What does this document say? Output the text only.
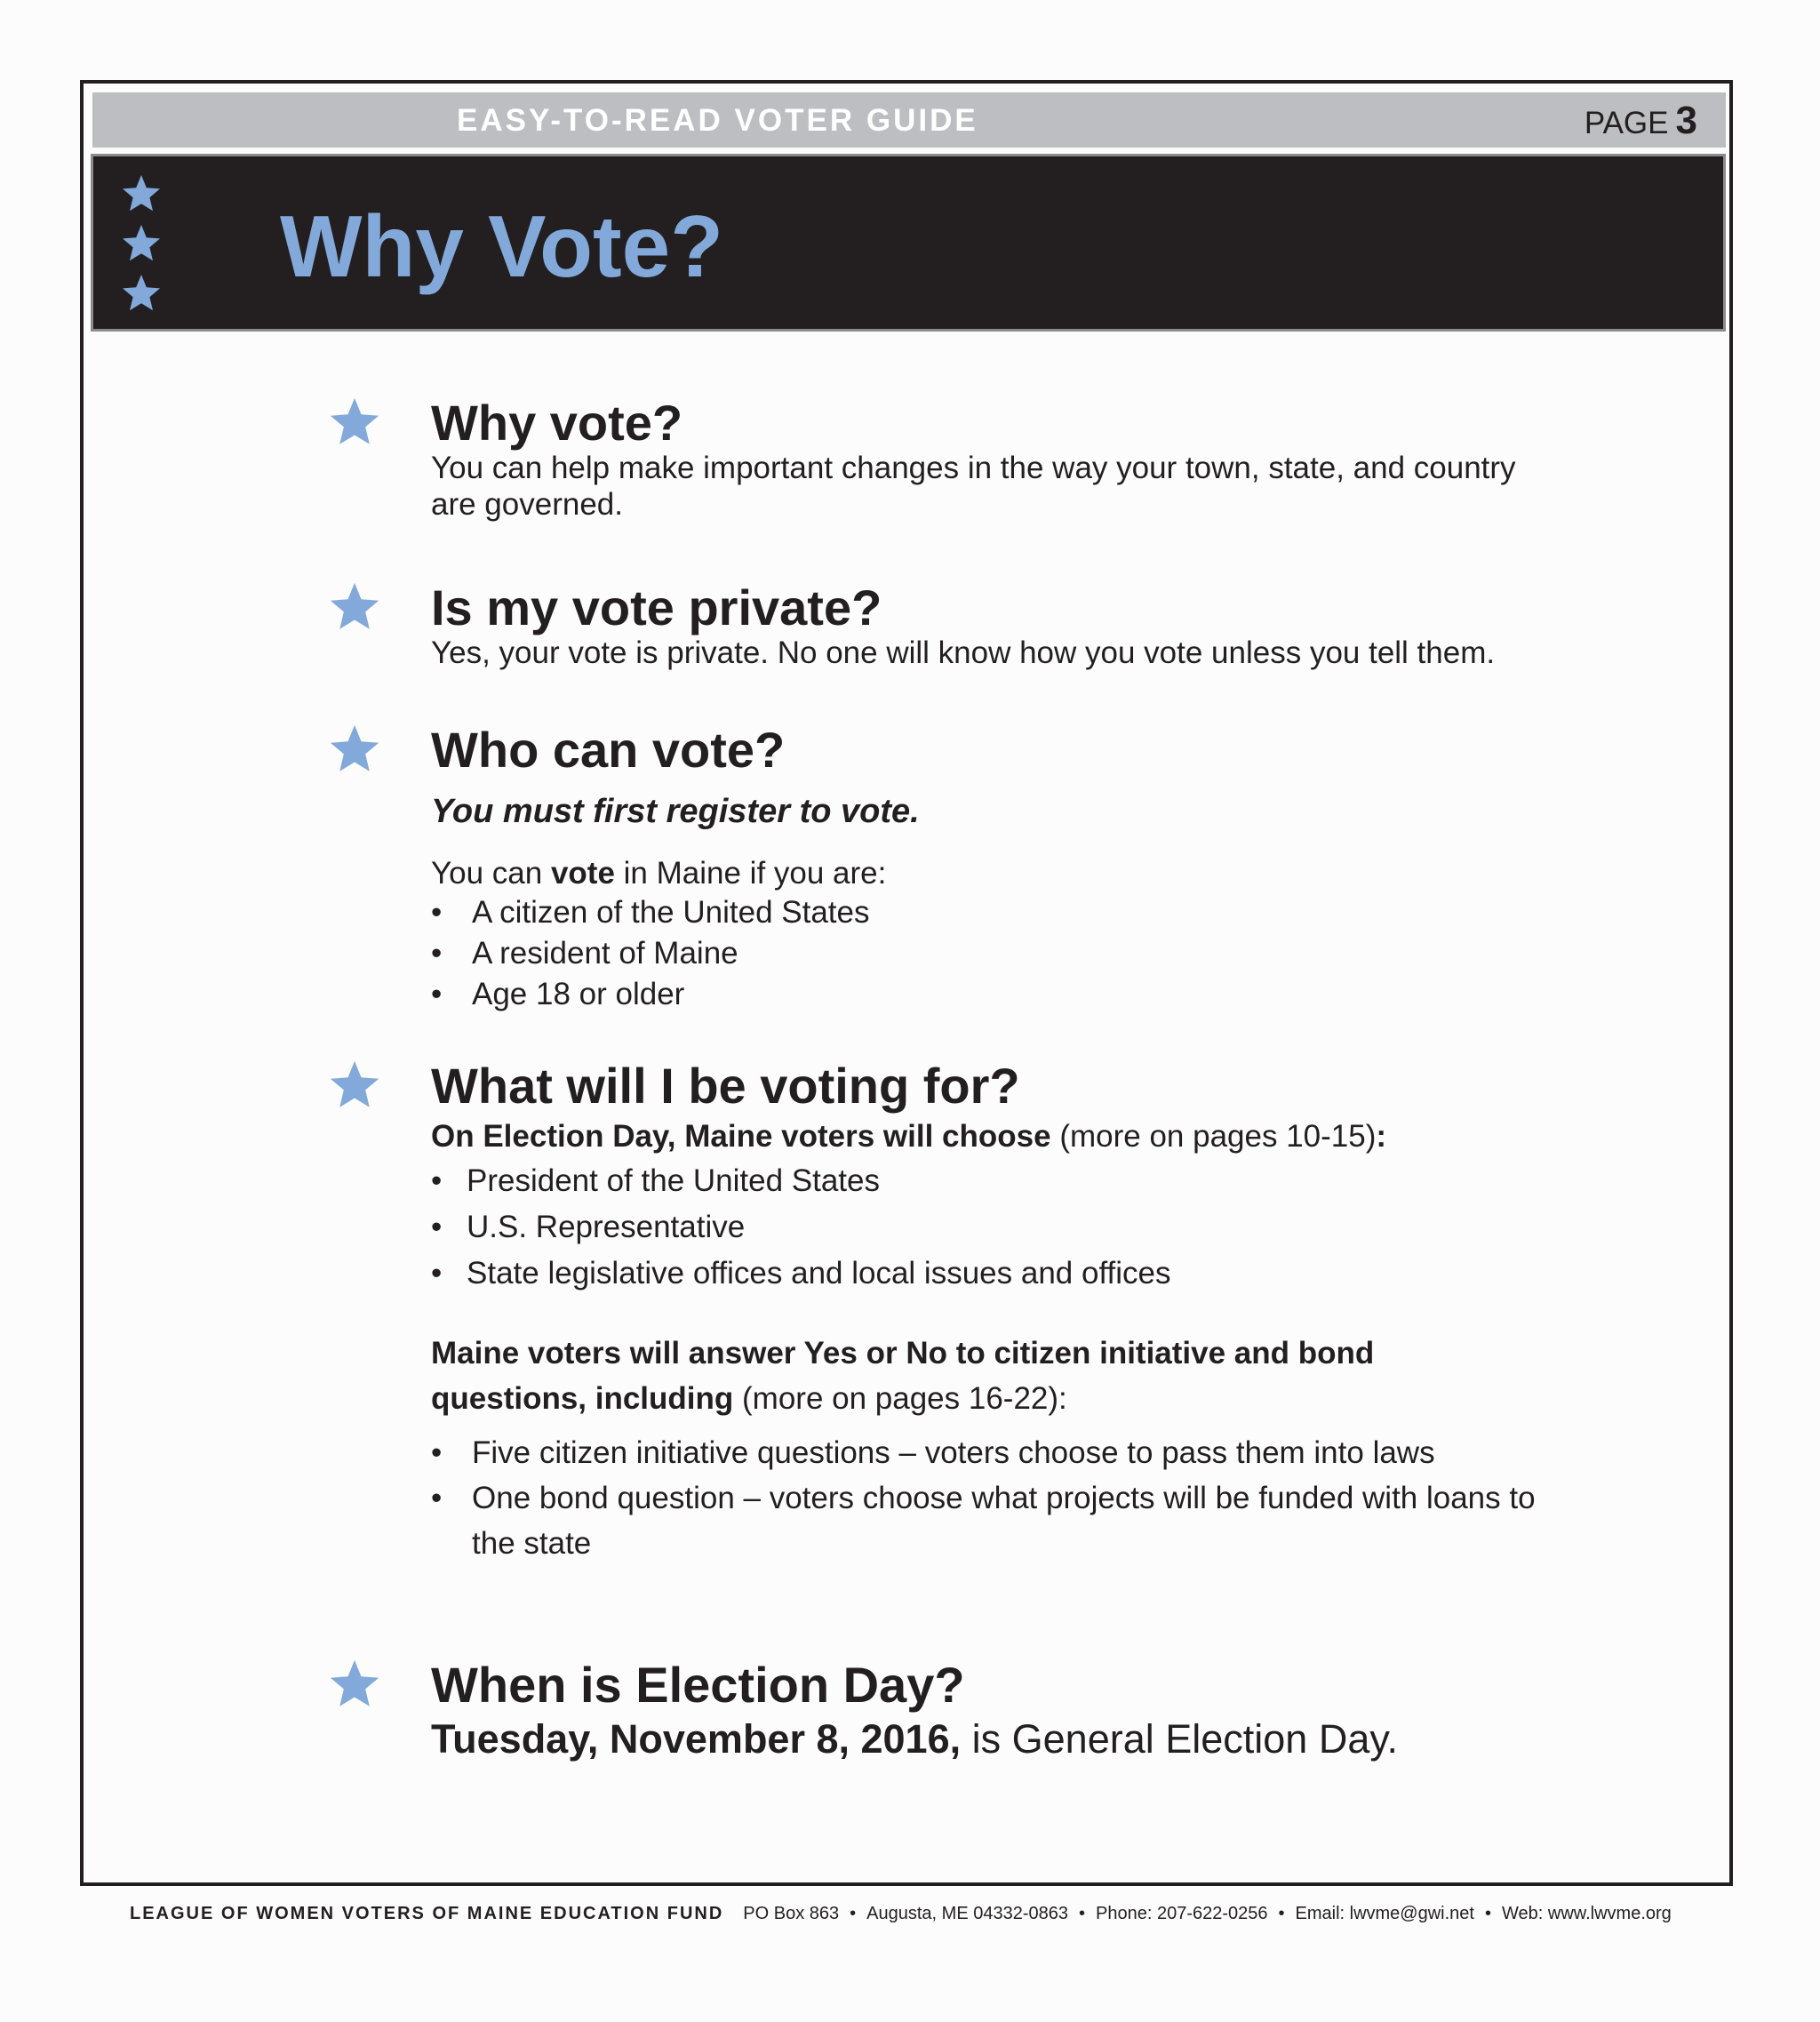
EASY-TO-READ VOTER GUIDE	PAGE 3
Why Vote?
Why vote?

You can help make important changes in the way your town, state, and country are governed.

Is my vote private?

Yes, your vote is private. No one will know how you vote unless you tell them.

Who can vote?
You must first register to vote.

You can vote in Maine if you are:

• A citizen of the United States
• A resident of Maine
• Age 18 or older
What will I be voting for?

On Election Day, Maine voters will choose (more on pages 10-15):

• President of the United States
• U.S. Representative
• State legislative offices and local issues and offices

Maine voters will answer Yes or No to citizen initiative and bond questions, including (more on pages 16-22):

• Five citizen initiative questions – voters choose to pass them into laws
• One bond question – voters choose what projects will be funded with loans to the state
When is Election Day?

Tuesday, November 8, 2016, is General Election Day.

LEAGUE OF WOMEN VOTERS OF MAINE EDUCATION FUND PO Box 863 • Augusta, ME 04332-0863 • Phone: 207-622-0256 • Email: lwvme@gwi.net • Web: www.lwvme.org
